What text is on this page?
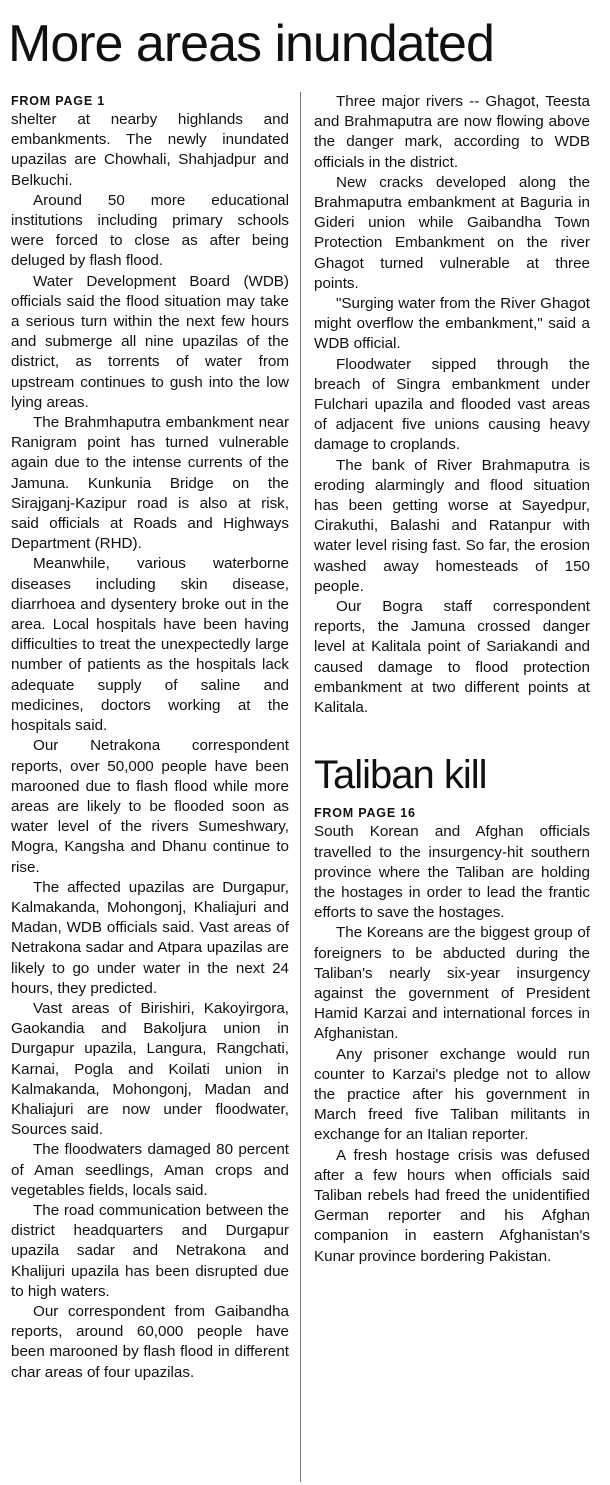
More areas inundated
FROM PAGE 1

shelter at nearby highlands and embankments. The newly inundated upazilas are Chowhali, Shahjadpur and Belkuchi.

Around 50 more educational institutions including primary schools were forced to close as after being deluged by flash flood.

Water Development Board (WDB) officials said the flood situation may take a serious turn within the next few hours and submerge all nine upazilas of the district, as torrents of water from upstream continues to gush into the low lying areas.

The Brahmhaputra embankment near Ranigram point has turned vulnerable again due to the intense currents of the Jamuna. Kunkunia Bridge on the Sirajganj-Kazipur road is also at risk, said officials at Roads and Highways Department (RHD).

Meanwhile, various waterborne diseases including skin disease, diarrhoea and dysentery broke out in the area. Local hospitals have been having difficulties to treat the unexpectedly large number of patients as the hospitals lack adequate supply of saline and medicines, doctors working at the hospitals said.

Our Netrakona correspondent reports, over 50,000 people have been marooned due to flash flood while more areas are likely to be flooded soon as water level of the rivers Sumeshwary, Mogra, Kangsha and Dhanu continue to rise.

The affected upazilas are Durgapur, Kalmakanda, Mohongonj, Khaliajuri and Madan, WDB officials said. Vast areas of Netrakona sadar and Atpara upazilas are likely to go under water in the next 24 hours, they predicted.

Vast areas of Birishiri, Kakoyirgora, Gaokandia and Bakoljura union in Durgapur upazila, Langura, Rangchati, Karnai, Pogla and Koilati union in Kalmakanda, Mohongonj, Madan and Khaliajuri are now under floodwater, Sources said.

The floodwaters damaged 80 percent of Aman seedlings, Aman crops and vegetables fields, locals said.

The road communication between the district headquarters and Durgapur upazila sadar and Netrakona and Khalijuri upazila has been disrupted due to high waters.

Our correspondent from Gaibandha reports, around 60,000 people have been marooned by flash flood in different char areas of four upazilas.

Three major rivers -- Ghagot, Teesta and Brahmaputra are now flowing above the danger mark, according to WDB officials in the district.

New cracks developed along the Brahmaputra embankment at Baguria in Gideri union while Gaibandha Town Protection Embankment on the river Ghagot turned vulnerable at three points.

"Surging water from the River Ghagot might overflow the embankment," said a WDB official.

Floodwater sipped through the breach of Singra embankment under Fulchari upazila and flooded vast areas of adjacent five unions causing heavy damage to croplands.

The bank of River Brahmaputra is eroding alarmingly and flood situation has been getting worse at Sayedpur, Cirakuthi, Balashi and Ratanpur with water level rising fast. So far, the erosion washed away homesteads of 150 people.

Our Bogra staff correspondent reports, the Jamuna crossed danger level at Kalitala point of Sariakandi and caused damage to flood protection embankment at two different points at Kalitala.

Taliban kill
FROM PAGE 16

South Korean and Afghan officials travelled to the insurgency-hit southern province where the Taliban are holding the hostages in order to lead the frantic efforts to save the hostages.

The Koreans are the biggest group of foreigners to be abducted during the Taliban's nearly six-year insurgency against the government of President Hamid Karzai and international forces in Afghanistan.

Any prisoner exchange would run counter to Karzai's pledge not to allow the practice after his government in March freed five Taliban militants in exchange for an Italian reporter.

A fresh hostage crisis was defused after a few hours when officials said Taliban rebels had freed the unidentified German reporter and his Afghan companion in eastern Afghanistan's Kunar province bordering Pakistan.
